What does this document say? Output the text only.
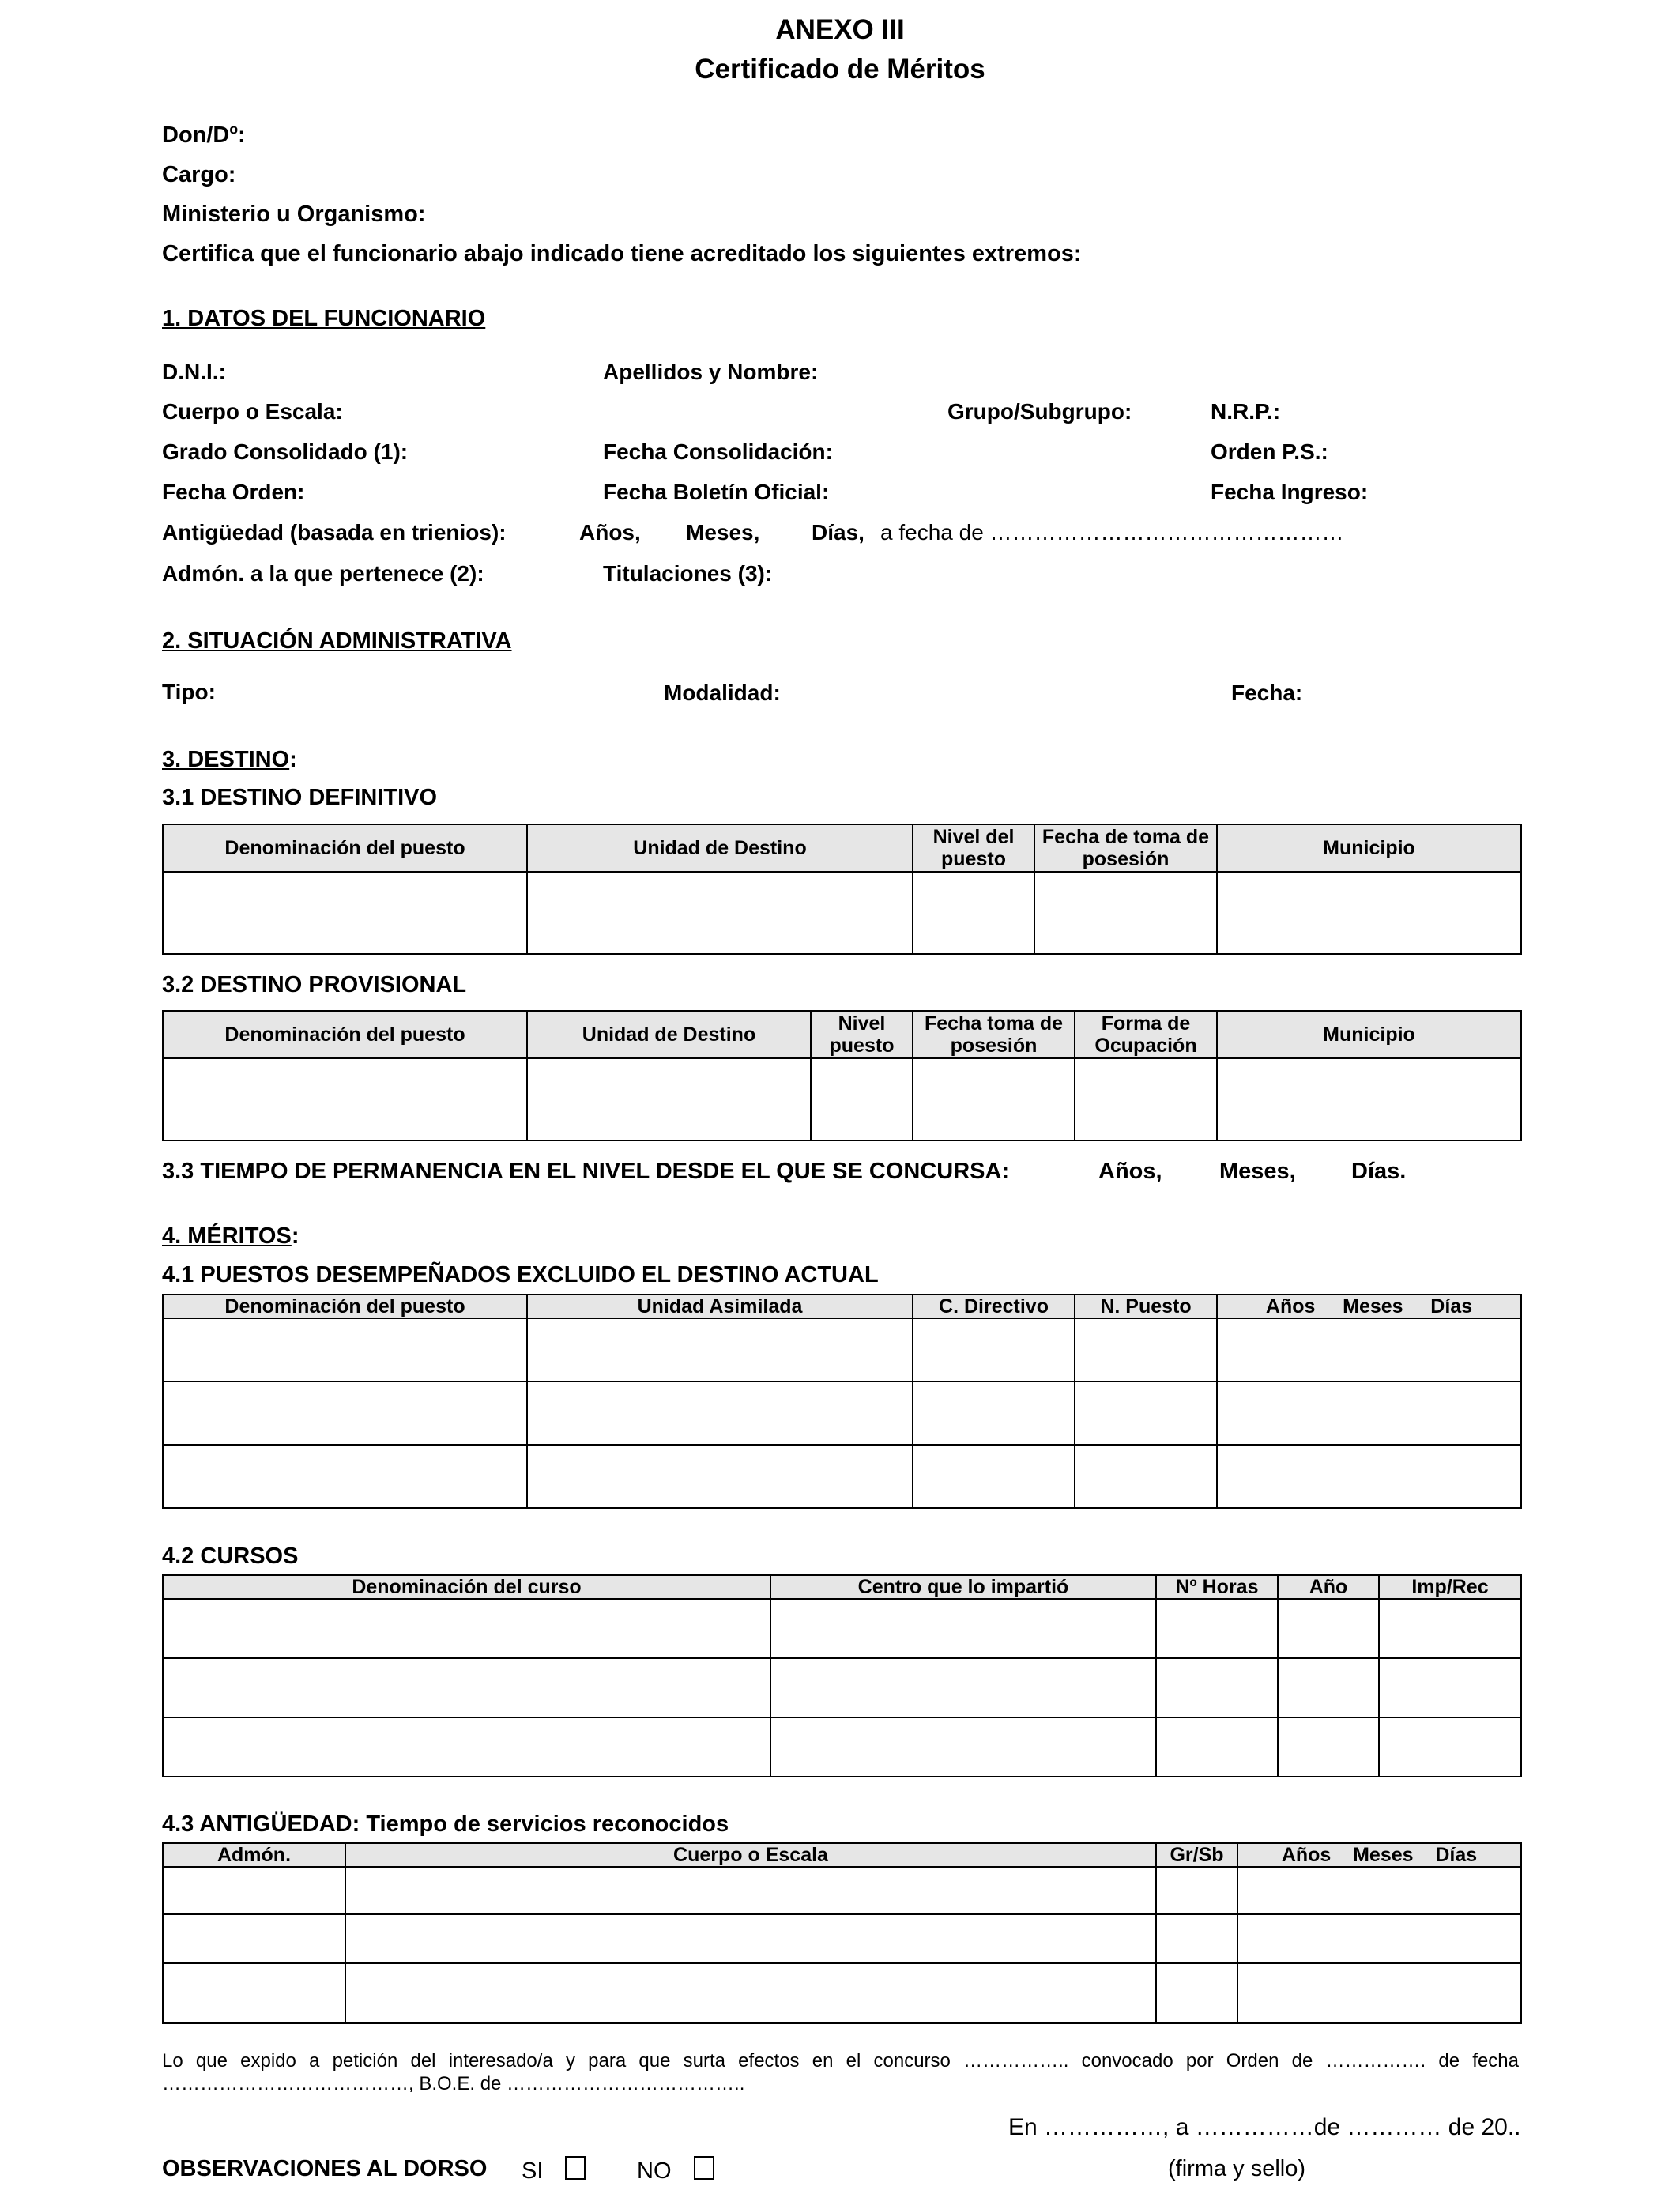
ANEXO III
Certificado de Méritos
Don/Dº:
Cargo:
Ministerio u Organismo:
Certifica que el funcionario abajo indicado tiene acreditado los siguientes extremos:
1. DATOS DEL FUNCIONARIO
D.N.I.:	Apellidos y Nombre:
Cuerpo o Escala:	Grupo/Subgrupo:	N.R.P.:
Grado Consolidado (1):	Fecha Consolidación:	Orden P.S.:
Fecha Orden:	Fecha Boletín Oficial:	Fecha Ingreso:
Antigüedad (basada en trienios):	Años, Meses, Días, a fecha de …………………………………………
Admón. a la que pertenece (2):	Titulaciones (3):
2. SITUACIÓN ADMINISTRATIVA
Tipo:	Modalidad:	Fecha:
3. DESTINO:
3.1 DESTINO DEFINITIVO
Denominación del puesto	Unidad de Destino	Nivel del puesto	Fecha de toma de posesión	Municipio

3.2 DESTINO PROVISIONAL
Denominación del puesto	Unidad de Destino	Nivel puesto	Fecha toma de posesión	Forma de Ocupación	Municipio

3.3 TIEMPO DE PERMANENCIA EN EL NIVEL DESDE EL QUE SE CONCURSA:	Años, Meses, Días.
4. MÉRITOS:
4.1 PUESTOS DESEMPEÑADOS EXCLUIDO EL DESTINO ACTUAL
Denominación del puesto	Unidad Asimilada	C. Directivo	N. Puesto	Años     Meses     Días

4.2 CURSOS
Denominación del curso	Centro que lo impartió	Nº Horas	Año	Imp/Rec

4.3 ANTIGÜEDAD: Tiempo de servicios reconocidos
Admón.	Cuerpo o Escala	Gr/Sb	Años    Meses    Días

Lo que expido a petición del interesado/a y para que surta efectos en el concurso …………….. convocado por Orden de ……………. de fecha …………………………………, B.O.E. de ………………………………..
En ……………, a ……………de ………… de 20..
OBSERVACIONES AL DORSO SI	NO	(firma y sello)
